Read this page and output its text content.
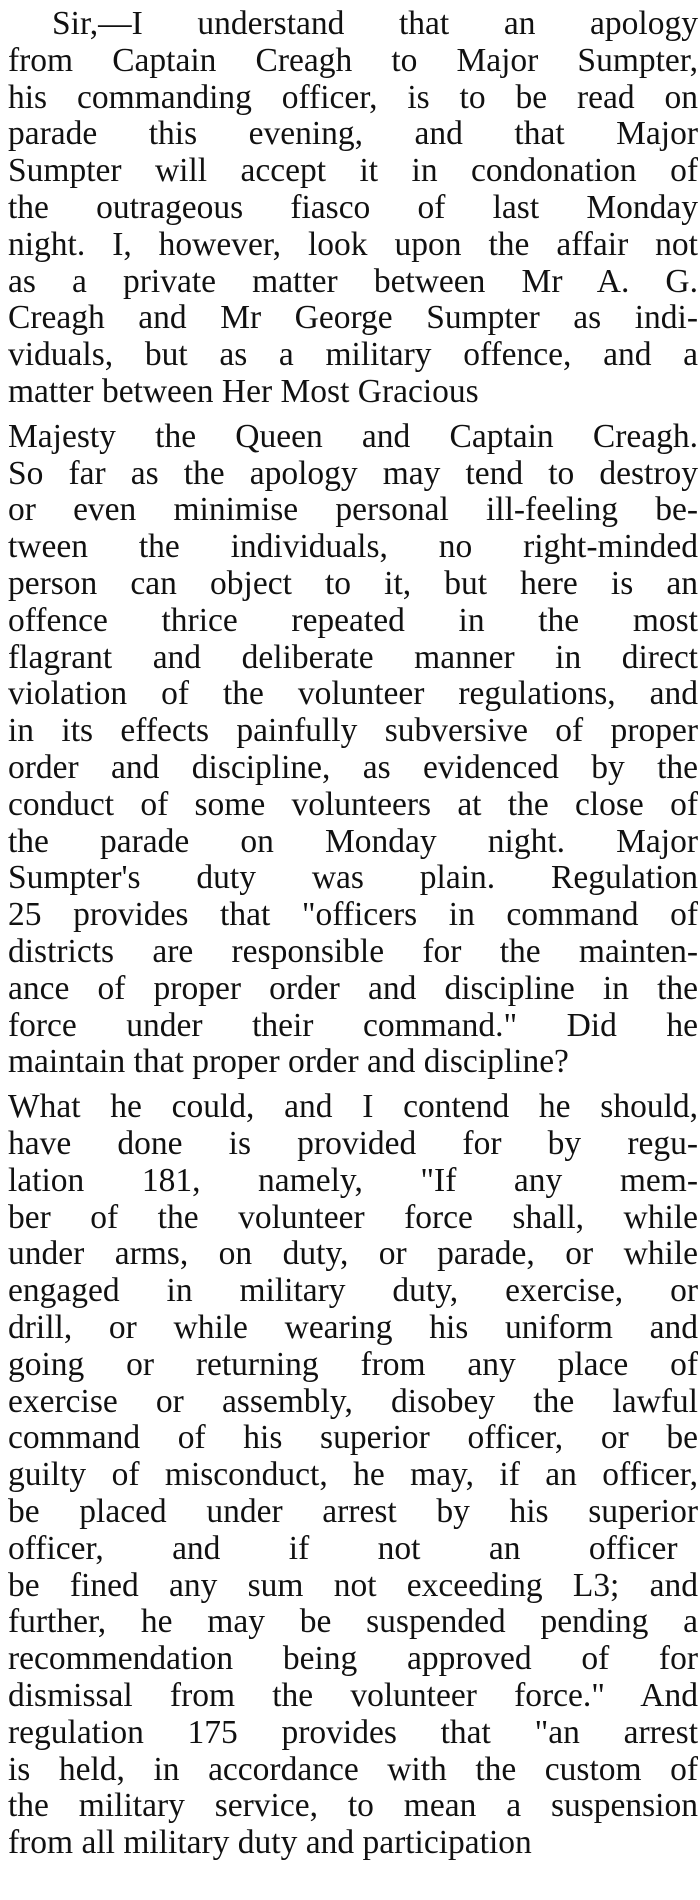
Sir,—I understand that an apology
from Captain Creagh to Major Sumpter,
his commanding officer, is to be read on
parade this evening, and that Major
Sumpter will accept it in condonation of
the outrageous fiasco of last Monday
night. I, however, look upon the affair not
as a private matter between Mr A. G.
Creagh and Mr George Sumpter as indi-
viduals, but as a military offence, and a
matter between Her Most Gracious
Majesty the Queen and Captain Creagh.
So far as the apology may tend to destroy
or even minimise personal ill-feeling be-
tween the individuals, no right-minded
person can object to it, but here is an
offence thrice repeated in the most
flagrant and deliberate manner in direct
violation of the volunteer regulations, and
in its effects painfully subversive of proper
order and discipline, as evidenced by the
conduct of some volunteers at the close of
the parade on Monday night. Major
Sumpter's duty was plain. Regulation
25 provides that "officers in command of
districts are responsible for the mainten-
ance of proper order and discipline in the
force under their command." Did he
maintain that proper order and discipline?
What he could, and I contend he should,
have done is provided for by regu-
lation 181, namely, "If any mem-
ber of the volunteer force shall, while
under arms, on duty, or parade, or while
engaged in military duty, exercise, or
drill, or while wearing his uniform and
going or returning from any place of
exercise or assembly, disobey the lawful
command of his superior officer, or be
guilty of misconduct, he may, if an officer,
be placed under arrest by his superior
officer, and if not an officer
be fined any sum not exceeding L3; and
further, he may be suspended pending a
recommendation being approved of for
dismissal from the volunteer force." And
regulation 175 provides that "an arrest
is held, in accordance with the custom of
the military service, to mean a suspension
from all military duty and participation
